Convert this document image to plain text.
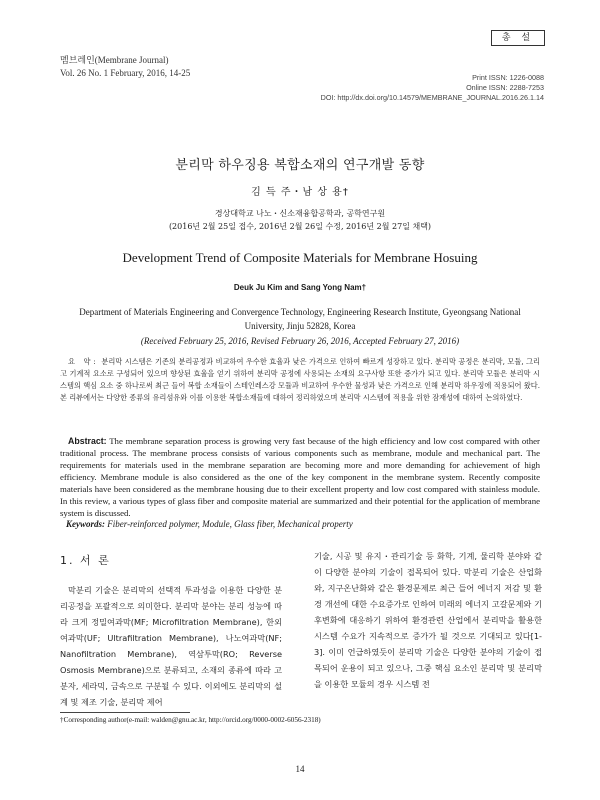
멤브레인(Membrane Journal)
Vol. 26 No. 1 February, 2016, 14-25
총 설
Print ISSN: 1226-0088
Online ISSN: 2288-7253
DOI: http://dx.doi.org/10.14579/MEMBRANE_JOURNAL.2016.26.1.14
분리막 하우징용 복합소재의 연구개발 동향
김 득 주・남 상 용†
경상대학교 나노・신소재융합공학과, 공학연구원
(2016년 2월 25일 접수, 2016년 2월 26일 수정, 2016년 2월 27일 채택)
Development Trend of Composite Materials for Membrane Hosuing
Deuk Ju Kim and Sang Yong Nam†
Department of Materials Engineering and Convergence Technology, Engineering Research Institute, Gyeongsang National University, Jinju 52828, Korea
(Received February 25, 2016, Revised February 26, 2016, Accepted February 27, 2016)
요 약: 분리막 시스템은 기존의 분리공정과 비교하여 우수한 효율과 낮은 가격으로 인하여 빠르게 성장하고 있다. 분리막 공정은 분리막, 모듈, 그리고 기계적 요소로 구성되어 있으며 향상된 효율을 얻기 위하여 분리막 공정에 사용되는 소재의 요구사항 또한 증가가 되고 있다. 분리막 모듈은 분리막 시스템의 핵심 요소 중 하나로써 최근 들어 복합 소재들이 스테인레스강 모듈과 비교하여 우수한 물성과 낮은 가격으로 인해 분리막 하우징에 적용되어 왔다. 본 리뷰에서는 다양한 종류의 유리섬유와 이를 이용한 복합소재들에 대하여 정리하였으며 분리막 시스템에 적용을 위한 잠재성에 대하여 논의하였다.
Abstract: The membrane separation process is growing very fast because of the high efficiency and low cost compared with other traditional process. The membrane process consists of various components such as membrane, module and mechanical part. The requirements for materials used in the membrane separation are becoming more and more demanding for achievement of high efficiency. Membrane module is also considered as the one of the key component in the membrane system. Recently composite materials have been considered as the membrane housing due to their excellent property and low cost compared with stainless module. In this review, a various types of glass fiber and composite material are summarized and their potential for the application of membrane system is discussed.
Keywords: Fiber-reinforced polymer, Module, Glass fiber, Mechanical property
1. 서 론
막분리 기술은 분리막의 선택적 투과성을 이용한 다양한 분리공정을 포괄적으로 의미한다. 분리막 분야는 분리 성능에 따라 크게 정밀여과막(MF; Microfiltration Membrane), 한외여과막(UF; Ultrafiltration Membrane), 나노여과막(NF; Nanofiltration Membrane), 역삼투막(RO; Reverse Osmosis Membrane)으로 분류되고, 소재의 종류에 따라 고분자, 세라믹, 금속으로 구분될 수 있다. 이외에도 분리막의 설계 및 제조 기술, 분리막 제어
기술, 시공 및 유지・관리기술 등 화학, 기계, 물리학 분야와 같이 다양한 분야의 기술이 접목되어 있다. 막분리 기술은 산업화와, 지구온난화와 같은 환경문제로 최근 들어 에너지 저감 및 환경 개선에 대한 수요증가로 인하여 미래의 에너지 고갈문제와 기후변화에 대응하기 위하여 환경관련 산업에서 분리막을 활용한 시스템 수요가 지속적으로 증가가 될 것으로 기대되고 있다[1-3]. 이미 언급하였듯이 분리막 기술은 다양한 분야의 기술이 접목되어 운용이 되고 있으나, 그중 핵심 요소인 분리막 및 분리막을 이용한 모듈의 경우 시스템 전
†Corresponding author(e-mail: walden@gnu.ac.kr, http://orcid.org/0000-0002-6056-2318)
14
